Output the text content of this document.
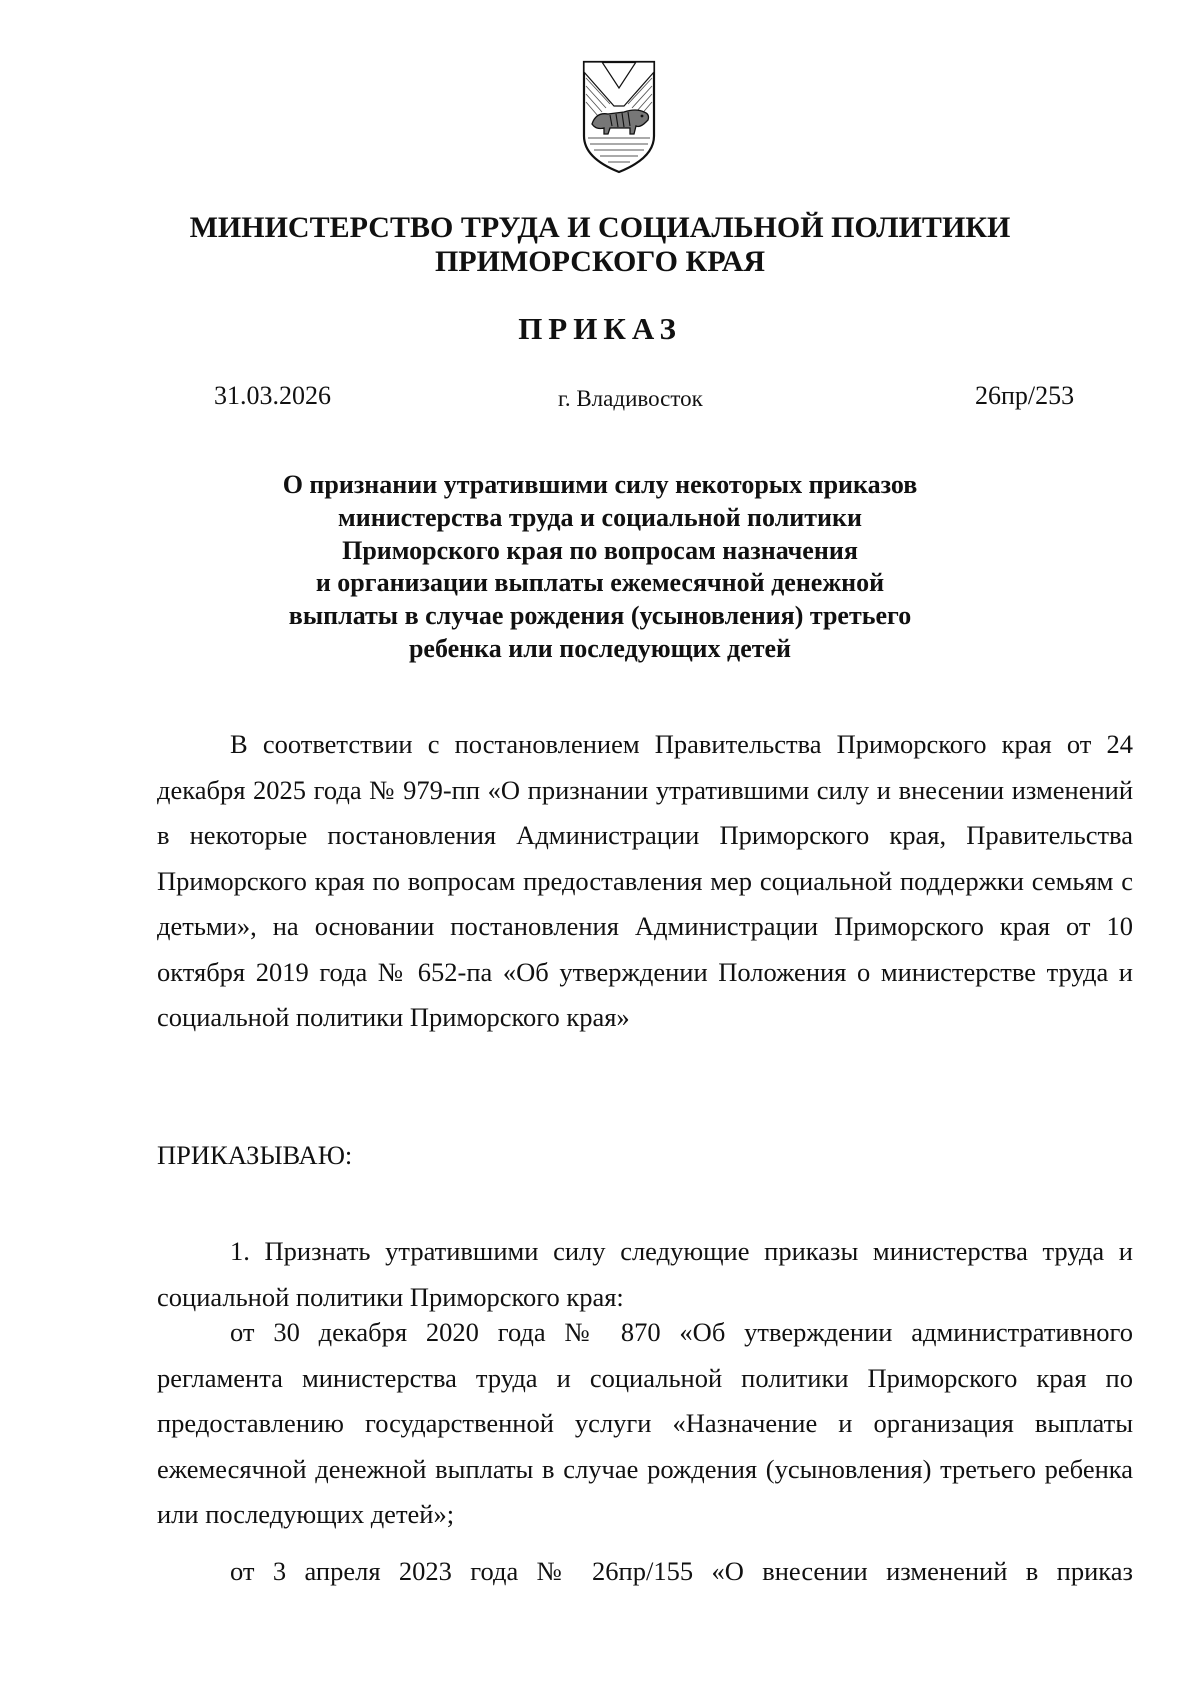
МИНИСТЕРСТВО ТРУДА И СОЦИАЛЬНОЙ ПОЛИТИКИ
ПРИМОРСКОГО КРАЯ
ПРИКАЗ
31.03.2026	г. Владивосток	26пр/253
О признании утратившими силу некоторых приказов
министерства труда и социальной политики
Приморского края по вопросам назначения
и организации выплаты ежемесячной денежной
выплаты в случае рождения (усыновления) третьего
ребенка или последующих детей
В соответствии с постановлением Правительства Приморского края от 24 декабря 2025 года № 979-пп «О признании утратившими силу и внесении изменений в некоторые постановления Администрации Приморского края, Правительства Приморского края по вопросам предоставления мер социальной поддержки семьям с детьми», на основании постановления Администрации Приморского края от 10 октября 2019 года № 652-па «Об утверждении Положения о министерстве труда и социальной политики Приморского края»
ПРИКАЗЫВАЮ:
1. Признать утратившими силу следующие приказы министерства труда и социальной политики Приморского края:
от 30 декабря 2020 года № 870 «Об утверждении административного регламента министерства труда и социальной политики Приморского края по предоставлению государственной услуги «Назначение и организация выплаты ежемесячной денежной выплаты в случае рождения (усыновления) третьего ребенка или последующих детей»;
от 3 апреля 2023 года № 26пр/155 «О внесении изменений в приказ
